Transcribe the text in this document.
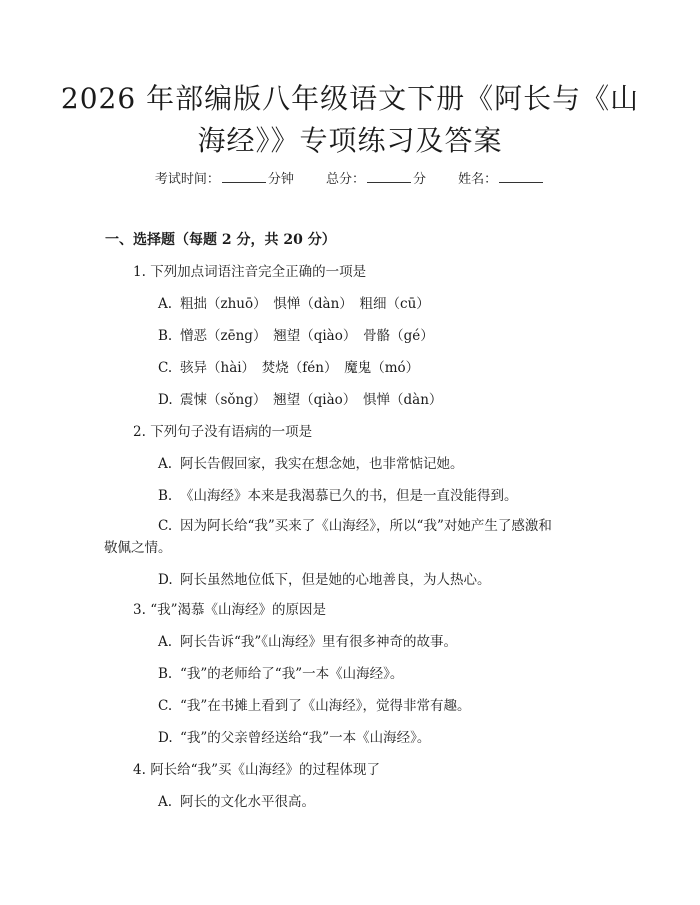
2026 年部编版八年级语文下册《阿长与《山
海经》》专项练习及答案
考试时间：	分钟 总分：	分 姓名：
一、选择题（每题 2 分，共 20 分）
1. 下列加点词语注音完全正确的一项是
A. 粗拙（zhuō）　惧惮（dàn）　粗细（cū）
B. 憎恶（zēng）　翘望（qiào）　骨骼（gé）
C. 骇异（hài）　焚烧（fén）　魔鬼（mó）
D. 震悚（sǒng）　翘望（qiào）　惧惮（dàn）
2. 下列句子没有语病的一项是
A. 阿长告假回家，我实在想念她，也非常惦记她。
B. 《山海经》本来是我渴慕已久的书，但是一直没能得到。
C. 因为阿长给“我”买来了《山海经》，所以“我”对她产生了感激和
敬佩之情。
D. 阿长虽然地位低下，但是她的心地善良，为人热心。
3. “我”渴慕《山海经》的原因是
A. 阿长告诉“我”《山海经》里有很多神奇的故事。
B. “我”的老师给了“我”一本《山海经》。
C. “我”在书摊上看到了《山海经》，觉得非常有趣。
D. “我”的父亲曾经送给“我”一本《山海经》。
4. 阿长给“我”买《山海经》的过程体现了
A. 阿长的文化水平很高。
